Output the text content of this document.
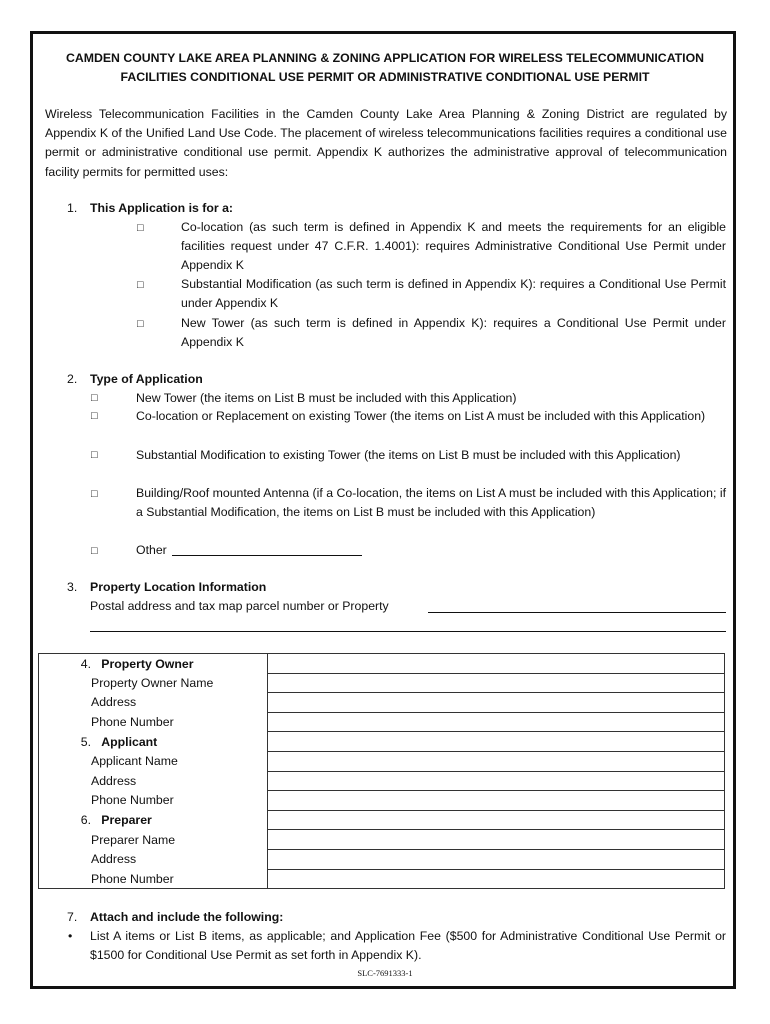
CAMDEN COUNTY LAKE AREA PLANNING & ZONING APPLICATION FOR WIRELESS TELECOMMUNICATION
FACILITIES CONDITIONAL USE PERMIT OR ADMINISTRATIVE CONDITIONAL USE PERMIT
Wireless Telecommunication Facilities in the Camden County Lake Area Planning & Zoning District are regulated by Appendix K of the Unified Land Use Code. The placement of wireless telecommunications facilities requires a conditional use permit or administrative conditional use permit. Appendix K authorizes the administrative approval of telecommunication facility permits for permitted uses:
1. This Application is for a:
□	Co-location (as such term is defined in Appendix K and meets the requirements for an eligible facilities request under 47 C.F.R. 1.4001): requires Administrative Conditional Use Permit under Appendix K
□	Substantial Modification (as such term is defined in Appendix K): requires a Conditional Use Permit under Appendix K
□	New Tower (as such term is defined in Appendix K): requires a Conditional Use Permit under Appendix K
2. Type of Application
□	New Tower (the items on List B must be included with this Application)
□	Co-location or Replacement on existing Tower (the items on List A must be included with this Application)
□	Substantial Modification to existing Tower (the items on List B must be included with this Application)
□	Building/Roof mounted Antenna (if a Co-location, the items on List A must be included with this Application; if a Substantial Modification, the items on List B must be included with this Application)
□	Other
3. Property Location Information
Postal address and tax map parcel number or Property
4. Property Owner	
Property Owner Name	
Address	
Phone Number	
5. Applicant	
Applicant Name	
Address	
Phone Number	
6. Preparer	
Preparer Name	
Address	
Phone Number	
7. Attach and include the following:
• List A items or List B items, as applicable; and Application Fee ($500 for Administrative Conditional Use Permit or $1500 for Conditional Use Permit as set forth in Appendix K).
SLC-7691333-1
